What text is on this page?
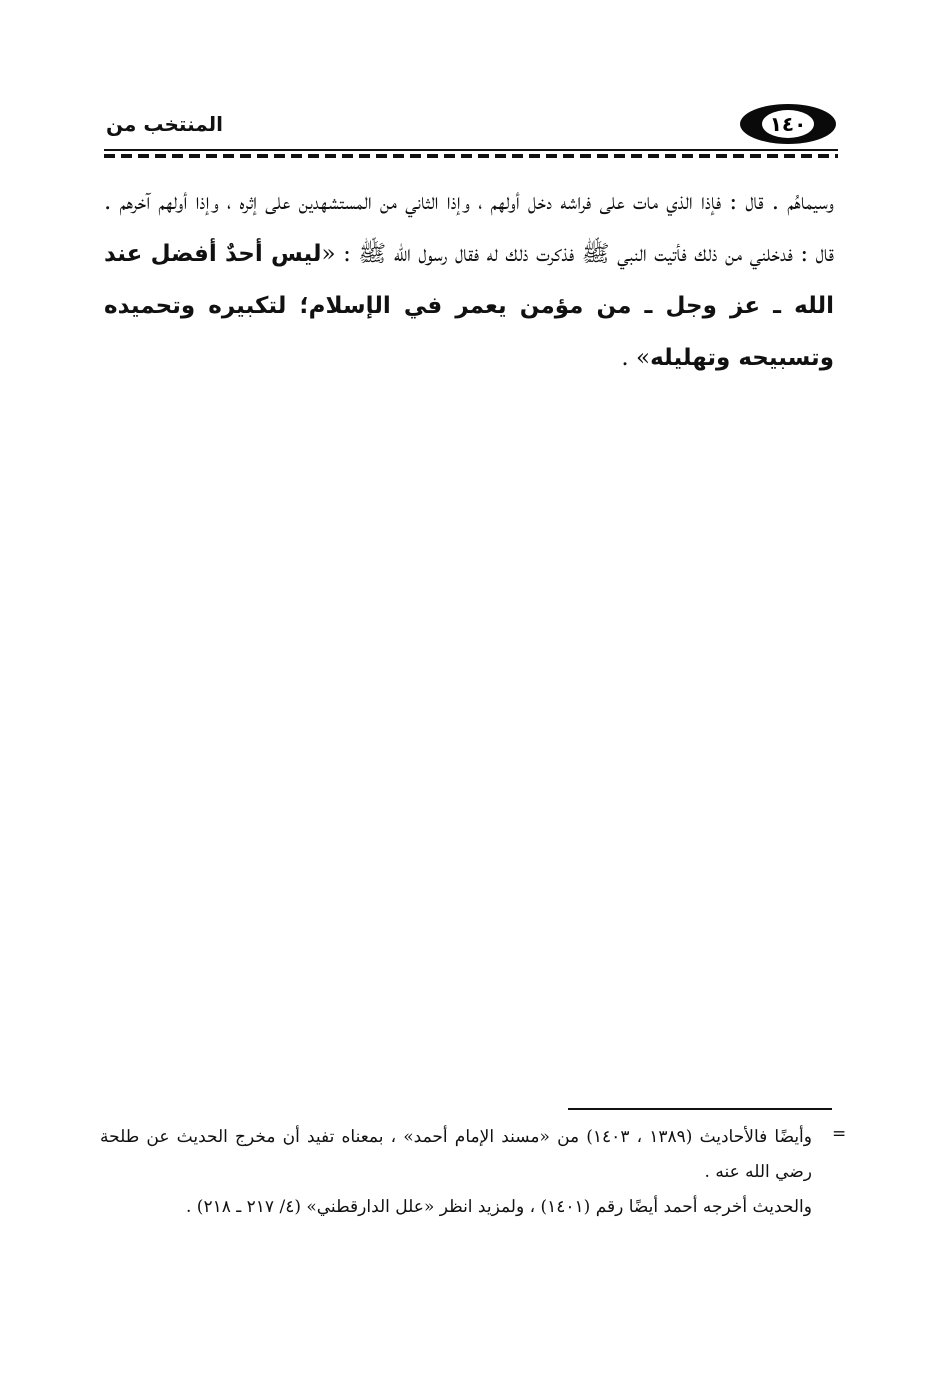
المنتخب من	١٤٠
وسيماهُم . قال : فإذا الذي مات على فراشه دخل أولهم ، وإذا الثاني من المستشهدين على إثره ، وإذا أولهم آخرهم . قال : فدخلني من ذلك فأتيت النبي ﷺ فذكرت ذلك له فقال رسول الله ﷺ : «ليس أحدٌ أفضل عند الله ـ عز وجل ـ من مؤمن يعمر في الإسلام؛ لتكبيره وتحميده وتسبيحه وتهليله» .
=

وأيضًا فالأحاديث (١٣٨٩ ، ١٤٠٣) من «مسند الإمام أحمد» ، بمعناه تفيد أن مخرج الحديث عن طلحة رضي الله عنه .

والحديث أخرجه أحمد أيضًا رقم (١٤٠١) ، ولمزيد انظر «علل الدارقطني» (٤/ ٢١٧ ـ ٢١٨) .
